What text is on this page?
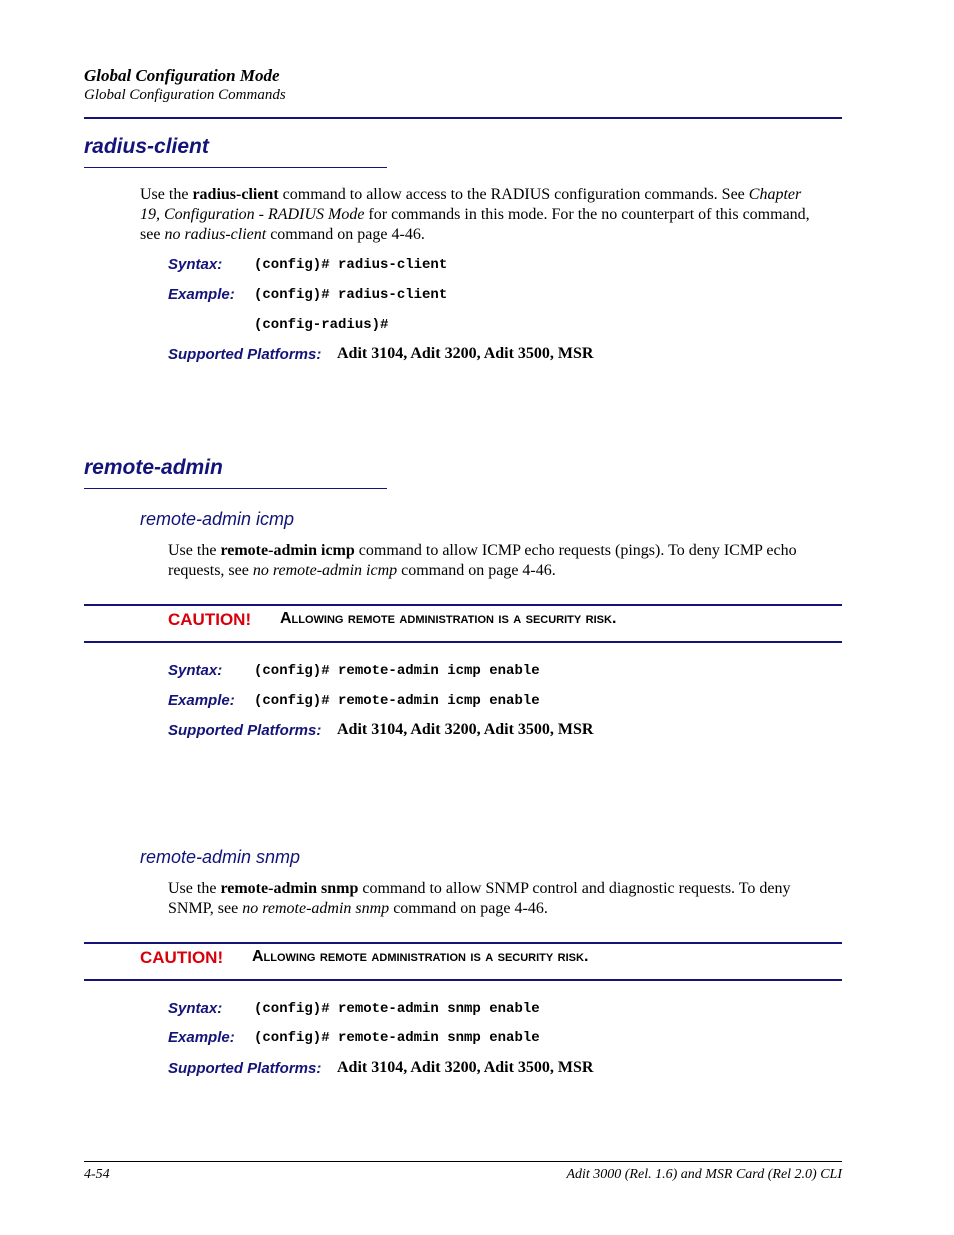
Global Configuration Mode
Global Configuration Commands
radius-client
Use the radius-client command to allow access to the RADIUS configuration commands. See Chapter
19, Configuration - RADIUS Mode for commands in this mode. For the no counterpart of this command,
see no radius-client command on page 4-46.
Syntax: (config)# radius-client
Example: (config)# radius-client
(config-radius)#
Supported Platforms: Adit 3104, Adit 3200, Adit 3500, MSR
remote-admin
remote-admin icmp
Use the remote-admin icmp command to allow ICMP echo requests (pings). To deny ICMP echo
requests, see no remote-admin icmp command on page 4-46.
CAUTION! Allowing remote administration is a security risk.
Syntax: (config)# remote-admin icmp enable
Example: (config)# remote-admin icmp enable
Supported Platforms: Adit 3104, Adit 3200, Adit 3500, MSR
remote-admin snmp
Use the remote-admin snmp command to allow SNMP control and diagnostic requests. To deny
SNMP, see no remote-admin snmp command on page 4-46.
CAUTION! Allowing remote administration is a security risk.
Syntax: (config)# remote-admin snmp enable
Example: (config)# remote-admin snmp enable
Supported Platforms: Adit 3104, Adit 3200, Adit 3500, MSR
4-54	Adit 3000 (Rel. 1.6) and MSR Card (Rel 2.0) CLI
